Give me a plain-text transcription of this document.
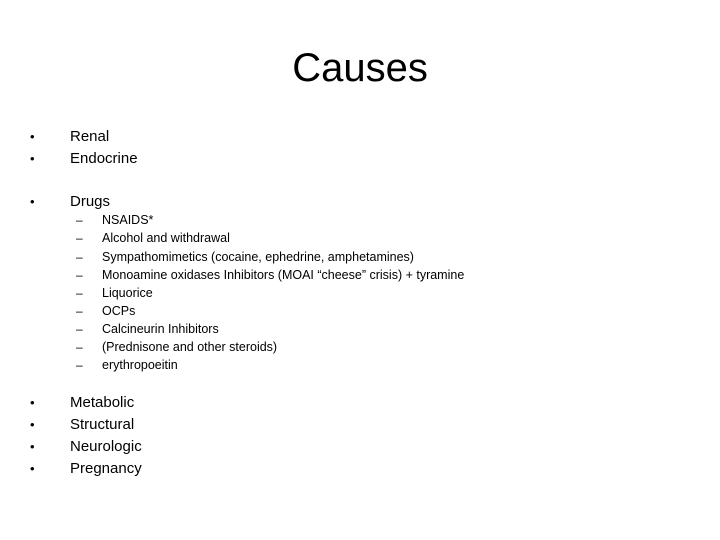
Causes
•	Renal
•	Endocrine
•	Drugs
–	NSAIDS*
–	Alcohol and withdrawal
–	Sympathomimetics (cocaine, ephedrine, amphetamines)
–	Monoamine oxidases Inhibitors (MOAI “cheese” crisis) + tyramine
–	Liquorice
–	OCPs
–	Calcineurin Inhibitors
–	(Prednisone and other steroids)
–	erythropoeitin
•	Metabolic
•	Structural
•	Neurologic
•	Pregnancy
